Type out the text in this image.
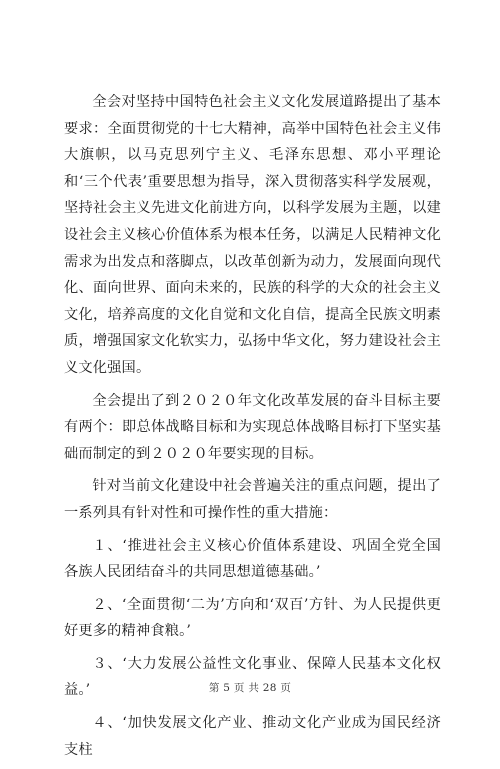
全会对坚持中国特色社会主义文化发展道路提出了基本要求：全面贯彻党的十七大精神，高举中国特色社会主义伟大旗帜，以马克思列宁主义、毛泽东思想、邓小平理论和‘三个代表’重要思想为指导，深入贯彻落实科学发展观，坚持社会主义先进文化前进方向，以科学发展为主题，以建设社会主义核心价值体系为根本任务，以满足人民精神文化需求为出发点和落脚点，以改革创新为动力，发展面向现代化、面向世界、面向未来的，民族的科学的大众的社会主义文化，培养高度的文化自觉和文化自信，提高全民族文明素质，增强国家文化软实力，弘扬中华文化，努力建设社会主义文化强国。

全会提出了到２０２０年文化改革发展的奋斗目标主要有两个：即总体战略目标和为实现总体战略目标打下坚实基础而制定的到２０２０年要实现的目标。

针对当前文化建设中社会普遍关注的重点问题，提出了一系列具有针对性和可操作性的重大措施：

１、‘推进社会主义核心价值体系建设、巩固全党全国各族人民团结奋斗的共同思想道德基础。’

２、‘全面贯彻‘二为’方向和‘双百’方针、为人民提供更好更多的精神食粮。’

３、‘大力发展公益性文化事业、保障人民基本文化权益。’

４、‘加快发展文化产业、推动文化产业成为国民经济支柱

第 5 页 共 28 页
